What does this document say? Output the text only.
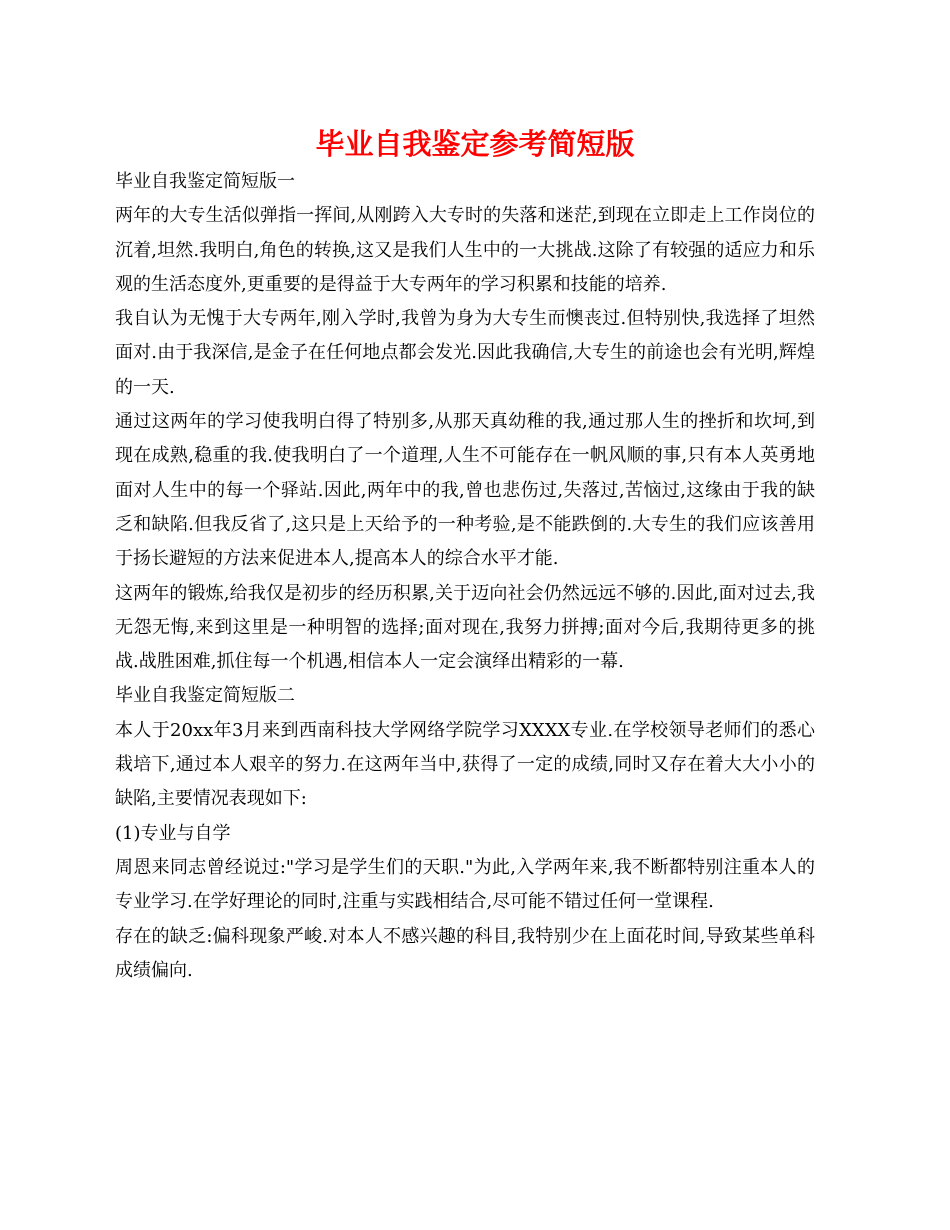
毕业自我鉴定参考简短版

毕业自我鉴定简短版一

两年的大专生活似弹指一挥间,从刚跨入大专时的失落和迷茫,到现在立即走上工作岗位的沉着,坦然.我明白,角色的转换,这又是我们人生中的一大挑战.这除了有较强的适应力和乐观的生活态度外,更重要的是得益于大专两年的学习积累和技能的培养.

我自认为无愧于大专两年,刚入学时,我曾为身为大专生而懊丧过.但特别快,我选择了坦然面对.由于我深信,是金子在任何地点都会发光.因此我确信,大专生的前途也会有光明,辉煌的一天.

通过这两年的学习使我明白得了特别多,从那天真幼稚的我,通过那人生的挫折和坎坷,到现在成熟,稳重的我.使我明白了一个道理,人生不可能存在一帆风顺的事,只有本人英勇地面对人生中的每一个驿站.因此,两年中的我,曾也悲伤过,失落过,苦恼过,这缘由于我的缺乏和缺陷.但我反省了,这只是上天给予的一种考验,是不能跌倒的.大专生的我们应该善用于扬长避短的方法来促进本人,提高本人的综合水平才能.

这两年的锻炼,给我仅是初步的经历积累,关于迈向社会仍然远远不够的.因此,面对过去,我无怨无悔,来到这里是一种明智的选择;面对现在,我努力拼搏;面对今后,我期待更多的挑战.战胜困难,抓住每一个机遇,相信本人一定会演绎出精彩的一幕.

毕业自我鉴定简短版二

本人于20xx年3月来到西南科技大学网络学院学习XXXX专业.在学校领导老师们的悉心栽培下,通过本人艰辛的努力.在这两年当中,获得了一定的成绩,同时又存在着大大小小的缺陷,主要情况表现如下:

(1)专业与自学

周恩来同志曾经说过:"学习是学生们的天职."为此,入学两年来,我不断都特别注重本人的专业学习.在学好理论的同时,注重与实践相结合,尽可能不错过任何一堂课程.

存在的缺乏:偏科现象严峻.对本人不感兴趣的科目,我特别少在上面花时间,导致某些单科成绩偏向.
